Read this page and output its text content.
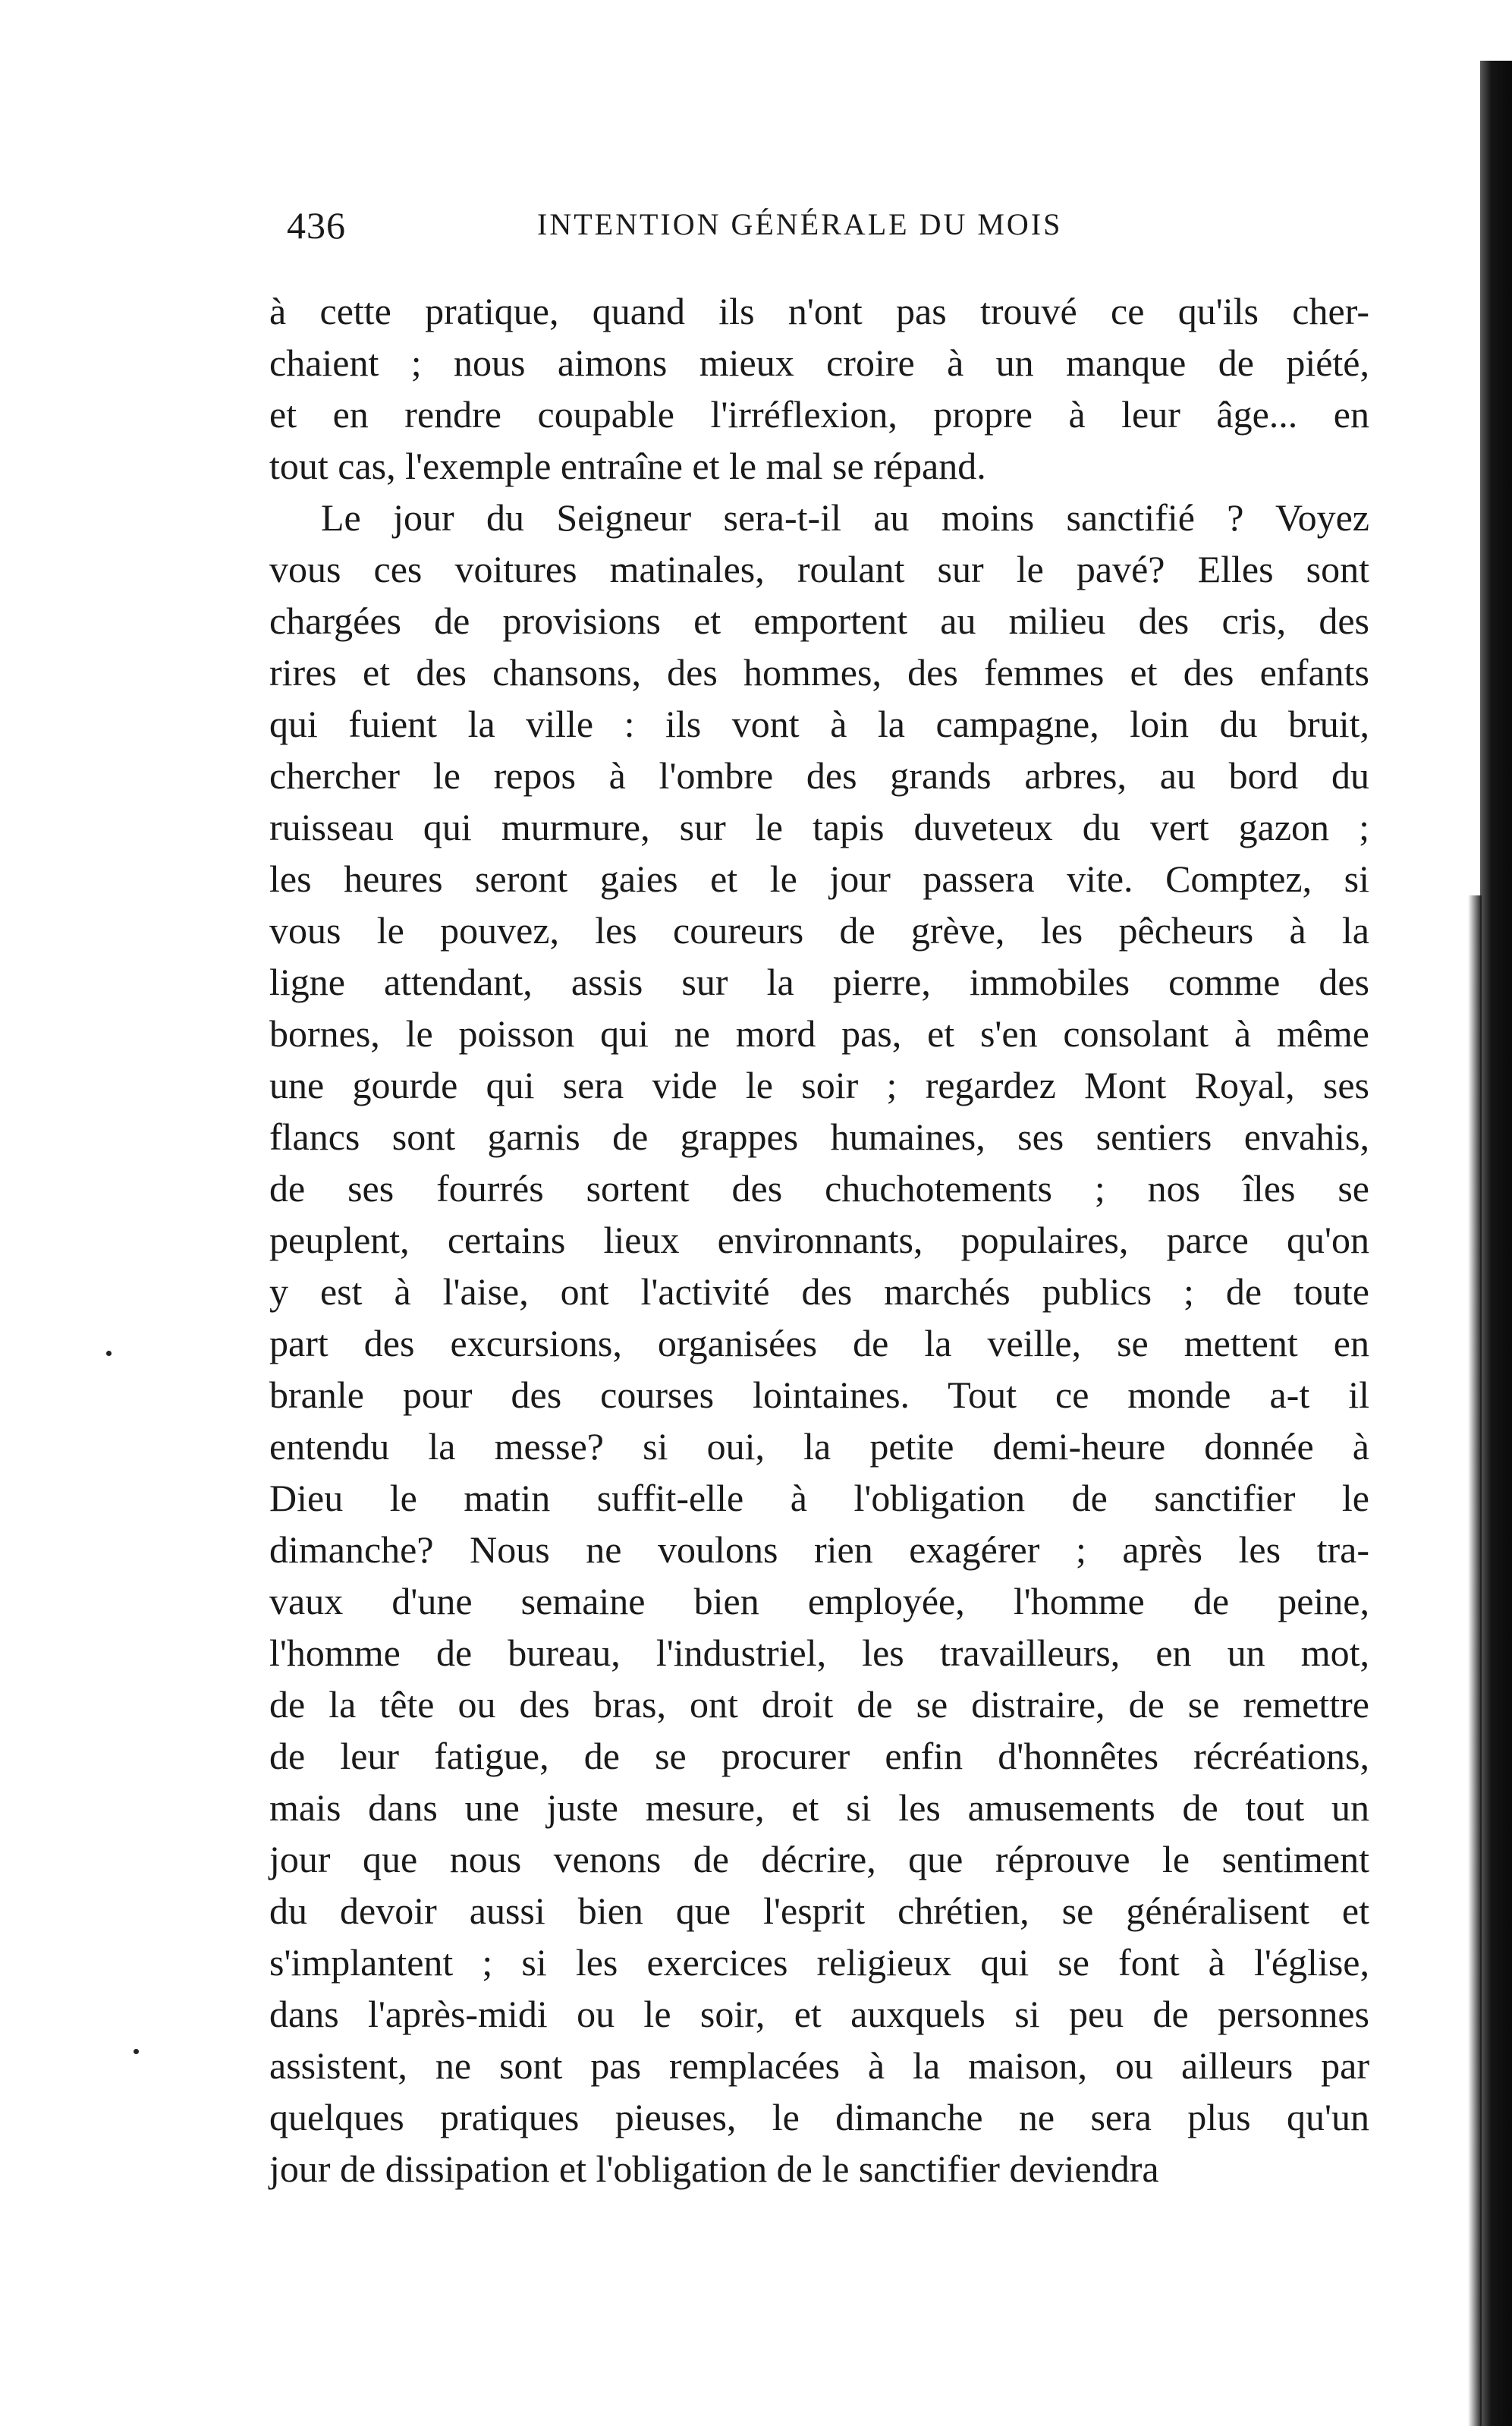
436	INTENTION GÉNÉRALE DU MOIS
à cette pratique, quand ils n'ont pas trouvé ce qu'ils cher-
chaient ; nous aimons mieux croire à un manque de piété,
et en rendre coupable l'irréflexion, propre à leur âge... en
tout cas, l'exemple entraîne et le mal se répand.
Le jour du Seigneur sera-t-il au moins sanctifié ? Voyez
vous ces voitures matinales, roulant sur le pavé? Elles sont
chargées de provisions et emportent au milieu des cris, des
rires et des chansons, des hommes, des femmes et des enfants
qui fuient la ville : ils vont à la campagne, loin du bruit,
chercher le repos à l'ombre des grands arbres, au bord du
ruisseau qui murmure, sur le tapis duveteux du vert gazon ;
les heures seront gaies et le jour passera vite. Comptez, si
vous le pouvez, les coureurs de grève, les pêcheurs à la
ligne attendant, assis sur la pierre, immobiles comme des
bornes, le poisson qui ne mord pas, et s'en consolant à même
une gourde qui sera vide le soir ; regardez Mont Royal, ses
flancs sont garnis de grappes humaines, ses sentiers envahis,
de ses fourrés sortent des chuchotements ; nos îles se
peuplent, certains lieux environnants, populaires, parce qu'on
y est à l'aise, ont l'activité des marchés publics ; de toute
part des excursions, organisées de la veille, se mettent en
branle pour des courses lointaines. Tout ce monde a-t il
entendu la messe? si oui, la petite demi-heure donnée à
Dieu le matin suffit-elle à l'obligation de sanctifier le
dimanche? Nous ne voulons rien exagérer ; après les tra-
vaux d'une semaine bien employée, l'homme de peine,
l'homme de bureau, l'industriel, les travailleurs, en un mot,
de la tête ou des bras, ont droit de se distraire, de se remettre
de leur fatigue, de se procurer enfin d'honnêtes récréations,
mais dans une juste mesure, et si les amusements de tout un
jour que nous venons de décrire, que réprouve le sentiment
du devoir aussi bien que l'esprit chrétien, se généralisent et
s'implantent ; si les exercices religieux qui se font à l'église,
dans l'après-midi ou le soir, et auxquels si peu de personnes
assistent, ne sont pas remplacées à la maison, ou ailleurs par
quelques pratiques pieuses, le dimanche ne sera plus qu'un
jour de dissipation et l'obligation de le sanctifier deviendra
